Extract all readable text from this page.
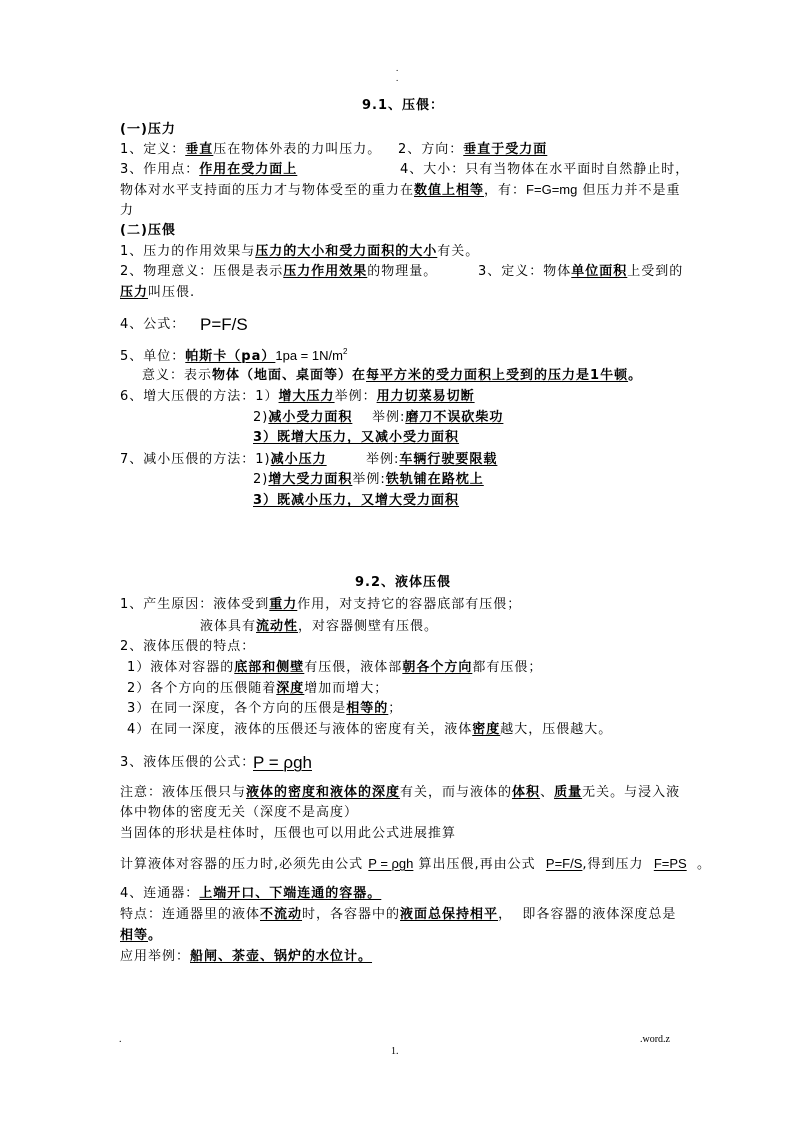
.
.
9.1、压偎：
(一)压力
1、定义：垂直压在物体外表的力叫压力。 2、方向：垂直于受力面
3、作用点：作用在受力面上	4、大小：只有当物体在水平面时自然静止时，
物体对水平支持面的压力才与物体受至的重力在数值上相等，有：F=G=mg 但压力并不是重
力
(二)压偎
1、压力的作用效果与压力的大小和受力面积的大小有关。
2、物理意义：压偎是表示压力作用效果的物理量。	3、定义：物体单位面积上受到的
压力叫压偎.
4、公式： P=F/S
5、单位：帕斯卡$(pa)1pa = 1N/m^2$
意义：表示物体（地面、桌面等）在每平方米的受力面积上受到的压力是1牛顿。
6、增大压偎的方法：1）增大压力举例：用力切菜易切断
2)减小受力面积 举例:磨刀不误砍柴功
3）既增大压力，又减小受力面积
7、减小压偎的方法：1)减小压力	举例:车辆行驶要限载
2)增大受力面积举例:铁轨铺在路枕上
3）既减小压力，又增大受力面积
9.2、液体压偎
1、产生原因：液体受到重力作用，对支持它的容器底部有压偎；
液体具有流动性，对容器侧壁有压偎。
2、液体压偎的特点：
1）液体对容器的底部和侧壁有压偎，液体部朝各个方向都有压偎；
2）各个方向的压偎随着深度增加而增大；
3）在同一深度，各个方向的压偎是相等的；
4）在同一深度，液体的压偎还与液体的密度有关，液体密度越大，压偎越大。
3、液体压偎的公式：
P = ρgh
注意：液体压偎只与液体的密度和液体的深度有关，而与液体的体积、质量无关。与浸入液
体中物体的密度无关（深度不是高度）
当固体的形状是柱体时，压偎也可以用此公式进展推算
计算液体对容器的压力时,必须先由公式 P = ρgh 算出压偎,再由公式  P=F/S,得到压力  F=PS  。
4、连通器：上端开口、下端连通的容器。
特点：连通器里的液体不流动时，各容器中的液面总保持相平，  即各容器的液体深度总是
相等。
应用举例：船闸、茶壶、锅炉的水位计。
.	.word.z
1.
